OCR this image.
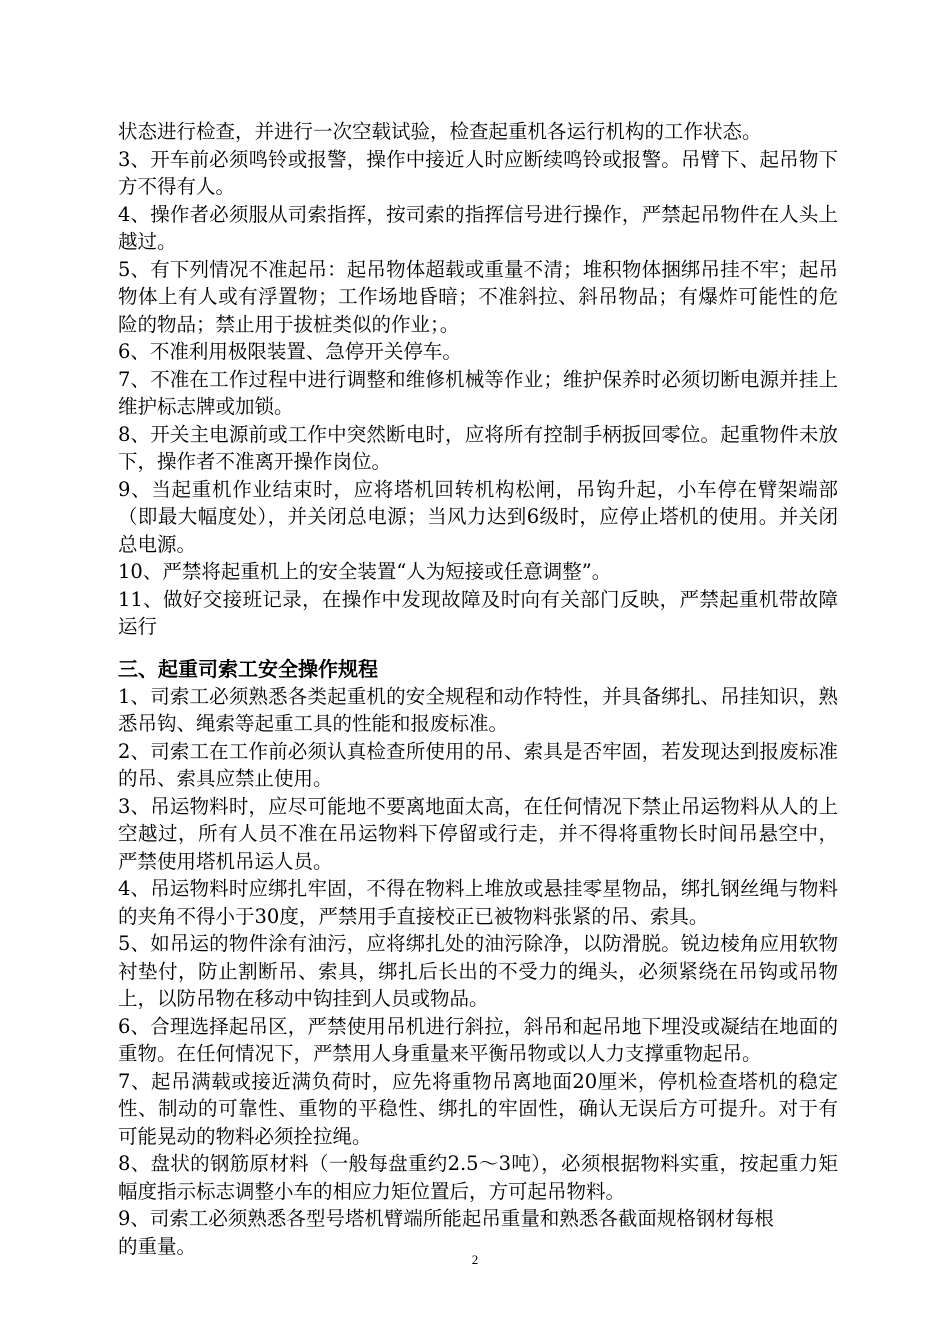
状态进行检查，并进行一次空载试验，检查起重机各运行机构的工作状态。

3、开车前必须鸣铃或报警，操作中接近人时应断续鸣铃或报警。吊臂下、起吊物下方不得有人。

4、操作者必须服从司索指挥，按司索的指挥信号进行操作，严禁起吊物件在人头上越过。

5、有下列情况不准起吊：起吊物体超载或重量不清；堆积物体捆绑吊挂不牢；起吊物体上有人或有浮置物；工作场地昏暗；不准斜拉、斜吊物品；有爆炸可能性的危险的物品；禁止用于拔桩类似的作业；。

6、不准利用极限装置、急停开关停车。

7、不准在工作过程中进行调整和维修机械等作业；维护保养时必须切断电源并挂上维护标志牌或加锁。

8、开关主电源前或工作中突然断电时，应将所有控制手柄扳回零位。起重物件未放下，操作者不准离开操作岗位。

9、当起重机作业结束时，应将塔机回转机构松闸，吊钩升起，小车停在臂架端部（即最大幅度处），并关闭总电源；当风力达到6级时，应停止塔机的使用。并关闭总电源。

10、严禁将起重机上的安全装置“人为短接或任意调整”。

11、做好交接班记录，在操作中发现故障及时向有关部门反映，严禁起重机带故障运行

三、起重司索工安全操作规程

1、司索工必须熟悉各类起重机的安全规程和动作特性，并具备绑扎、吊挂知识，熟悉吊钩、绳索等起重工具的性能和报废标准。

2、司索工在工作前必须认真检查所使用的吊、索具是否牢固，若发现达到报废标准的吊、索具应禁止使用。

3、吊运物料时，应尽可能地不要离地面太高，在任何情况下禁止吊运物料从人的上空越过，所有人员不准在吊运物料下停留或行走，并不得将重物长时间吊悬空中，严禁使用塔机吊运人员。

4、吊运物料时应绑扎牢固，不得在物料上堆放或悬挂零星物品，绑扎钢丝绳与物料的夹角不得小于30度，严禁用手直接校正已被物料张紧的吊、索具。

5、如吊运的物件涂有油污，应将绑扎处的油污除净，以防滑脱。锐边棱角应用软物衬垫付，防止割断吊、索具，绑扎后长出的不受力的绳头，必须紧绕在吊钩或吊物上，以防吊物在移动中钩挂到人员或物品。

6、合理选择起吊区，严禁使用吊机进行斜拉，斜吊和起吊地下埋没或凝结在地面的重物。在任何情况下，严禁用人身重量来平衡吊物或以人力支撑重物起吊。

7、起吊满载或接近满负荷时，应先将重物吊离地面20厘米，停机检查塔机的稳定性、制动的可靠性、重物的平稳性、绑扎的牢固性，确认无误后方可提升。对于有可能晃动的物料必须拴拉绳。

8、盘状的钢筋原材料（一般每盘重约2.5～3吨），必须根据物料实重，按起重力矩幅度指示标志调整小车的相应力矩位置后，方可起吊物料。

9、司索工必须熟悉各型号塔机臂端所能起吊重量和熟悉各截面规格钢材每根

的重量。

2
